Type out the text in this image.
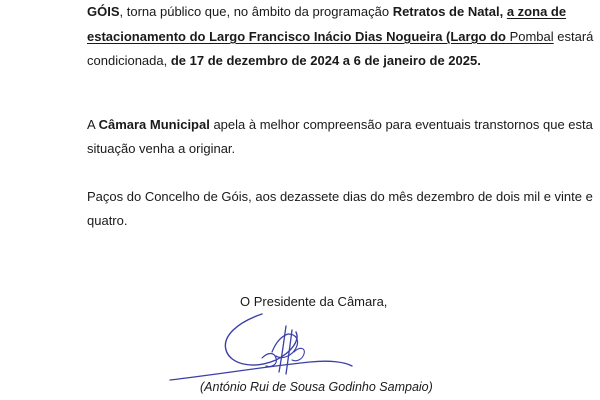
GÓIS, torna público que, no âmbito da programação Retratos de Natal, a zona de
estacionamento do Largo Francisco Inácio Dias Nogueira (Largo do Pombal estará
condicionada, de 17 de dezembro de 2024 a 6 de janeiro de 2025.
A Câmara Municipal apela à melhor compreensão para eventuais transtornos que esta
situação venha a originar.
Paços do Concelho de Góis, aos dezassete dias do mês dezembro de dois mil e vinte e
quatro.
O Presidente da Câmara,
(António Rui de Sousa Godinho Sampaio)
